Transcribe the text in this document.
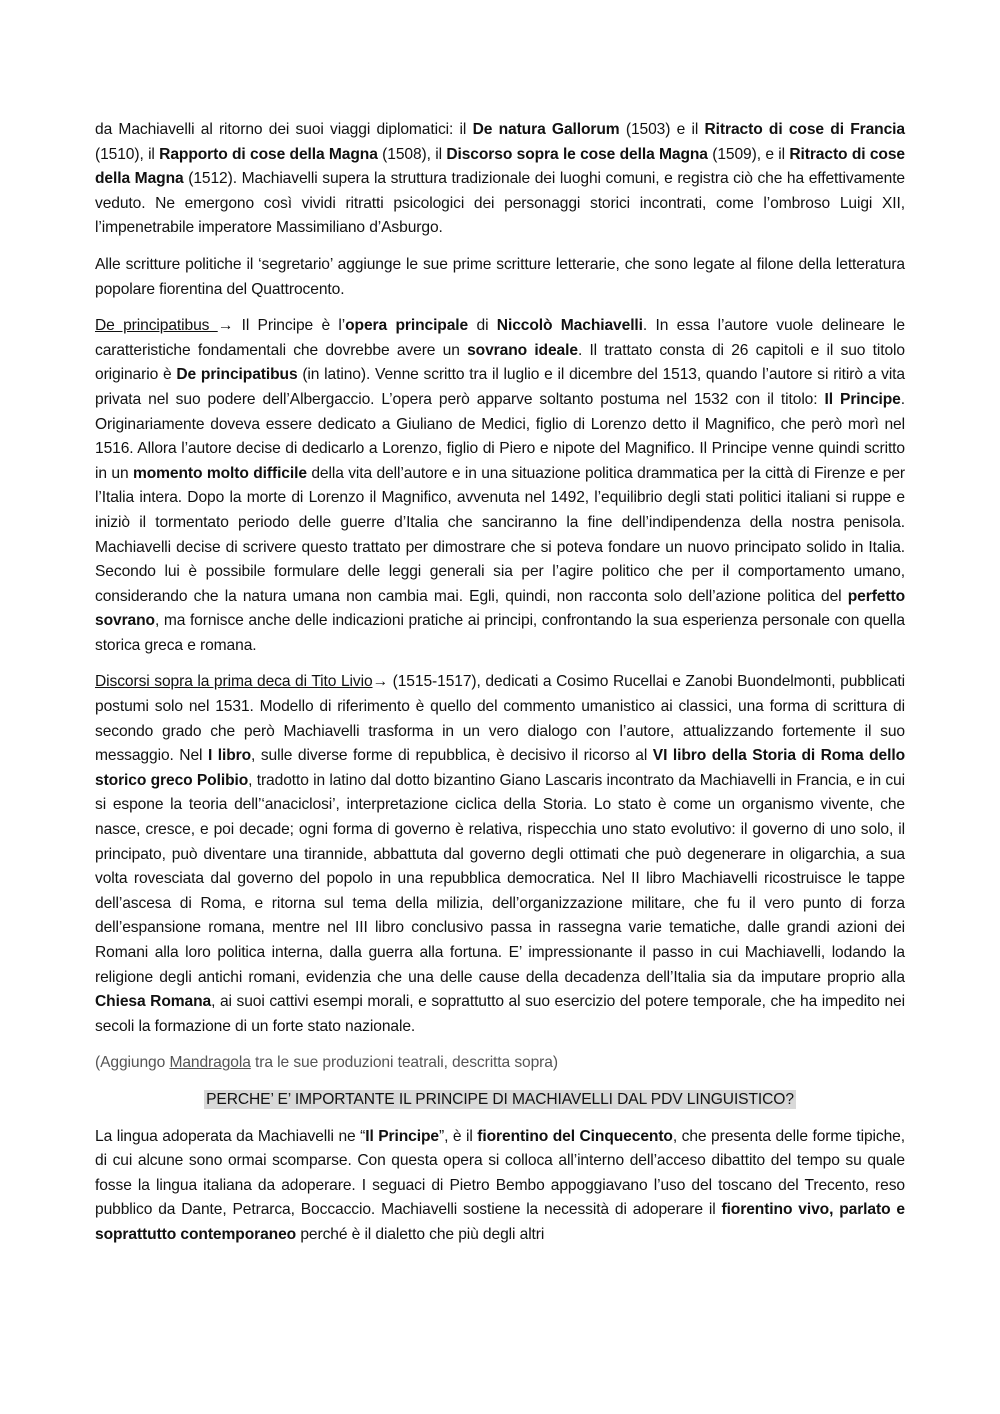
da Machiavelli al ritorno dei suoi viaggi diplomatici: il De natura Gallorum (1503) e il Ritracto di cose di Francia (1510), il Rapporto di cose della Magna (1508), il Discorso sopra le cose della Magna (1509), e il Ritracto di cose della Magna (1512). Machiavelli supera la struttura tradizionale dei luoghi comuni, e registra ciò che ha effettivamente veduto. Ne emergono così vividi ritratti psicologici dei personaggi storici incontrati, come l’ombroso Luigi XII, l’impenetrabile imperatore Massimiliano d’Asburgo.

Alle scritture politiche il ‘segretario’ aggiunge le sue prime scritture letterarie, che sono legate al filone della letteratura popolare fiorentina del Quattrocento.

De principatibus → Il Principe è l’opera principale di Niccolò Machiavelli. In essa l’autore vuole delineare le caratteristiche fondamentali che dovrebbe avere un sovrano ideale. Il trattato consta di 26 capitoli e il suo titolo originario è De principatibus (in latino). Venne scritto tra il luglio e il dicembre del 1513, quando l’autore si ritirò a vita privata nel suo podere dell’Albergaccio. L’opera però apparve soltanto postuma nel 1532 con il titolo: Il Principe. Originariamente doveva essere dedicato a Giuliano de Medici, figlio di Lorenzo detto il Magnifico, che però morì nel 1516. Allora l’autore decise di dedicarlo a Lorenzo, figlio di Piero e nipote del Magnifico. Il Principe venne quindi scritto in un momento molto difficile della vita dell’autore e in una situazione politica drammatica per la città di Firenze e per l’Italia intera. Dopo la morte di Lorenzo il Magnifico, avvenuta nel 1492, l’equilibrio degli stati politici italiani si ruppe e iniziò il tormentato periodo delle guerre d’Italia che sanciranno la fine dell’indipendenza della nostra penisola. Machiavelli decise di scrivere questo trattato per dimostrare che si poteva fondare un nuovo principato solido in Italia. Secondo lui è possibile formulare delle leggi generali sia per l’agire politico che per il comportamento umano, considerando che la natura umana non cambia mai. Egli, quindi, non racconta solo dell’azione politica del perfetto sovrano, ma fornisce anche delle indicazioni pratiche ai principi, confrontando la sua esperienza personale con quella storica greca e romana.

Discorsi sopra la prima deca di Tito Livio→ (1515-1517), dedicati a Cosimo Rucellai e Zanobi Buondelmonti, pubblicati postumi solo nel 1531. Modello di riferimento è quello del commento umanistico ai classici, una forma di scrittura di secondo grado che però Machiavelli trasforma in un vero dialogo con l’autore, attualizzando fortemente il suo messaggio. Nel I libro, sulle diverse forme di repubblica, è decisivo il ricorso al VI libro della Storia di Roma dello storico greco Polibio, tradotto in latino dal dotto bizantino Giano Lascaris incontrato da Machiavelli in Francia, e in cui si espone la teoria dell’‘anaciclosi’, interpretazione ciclica della Storia. Lo stato è come un organismo vivente, che nasce, cresce, e poi decade; ogni forma di governo è relativa, rispecchia uno stato evolutivo: il governo di uno solo, il principato, può diventare una tirannide, abbattuta dal governo degli ottimati che può degenerare in oligarchia, a sua volta rovesciata dal governo del popolo in una repubblica democratica. Nel II libro Machiavelli ricostruisce le tappe dell’ascesa di Roma, e ritorna sul tema della milizia, dell’organizzazione militare, che fu il vero punto di forza dell’espansione romana, mentre nel III libro conclusivo passa in rassegna varie tematiche, dalle grandi azioni dei Romani alla loro politica interna, dalla guerra alla fortuna. E’ impressionante il passo in cui Machiavelli, lodando la religione degli antichi romani, evidenzia che una delle cause della decadenza dell’Italia sia da imputare proprio alla Chiesa Romana, ai suoi cattivi esempi morali, e soprattutto al suo esercizio del potere temporale, che ha impedito nei secoli la formazione di un forte stato nazionale.

(Aggiungo Mandragola tra le sue produzioni teatrali, descritta sopra)

PERCHE’ E’ IMPORTANTE IL PRINCIPE DI MACHIAVELLI DAL PDV LINGUISTICO?

La lingua adoperata da Machiavelli ne “Il Principe”, è il fiorentino del Cinquecento, che presenta delle forme tipiche, di cui alcune sono ormai scomparse. Con questa opera si colloca all’interno dell’acceso dibattito del tempo su quale fosse la lingua italiana da adoperare. I seguaci di Pietro Bembo appoggiavano l’uso del toscano del Trecento, reso pubblico da Dante, Petrarca, Boccaccio. Machiavelli sostiene la necessità di adoperare il fiorentino vivo, parlato e soprattutto contemporaneo perché è il dialetto che più degli altri
